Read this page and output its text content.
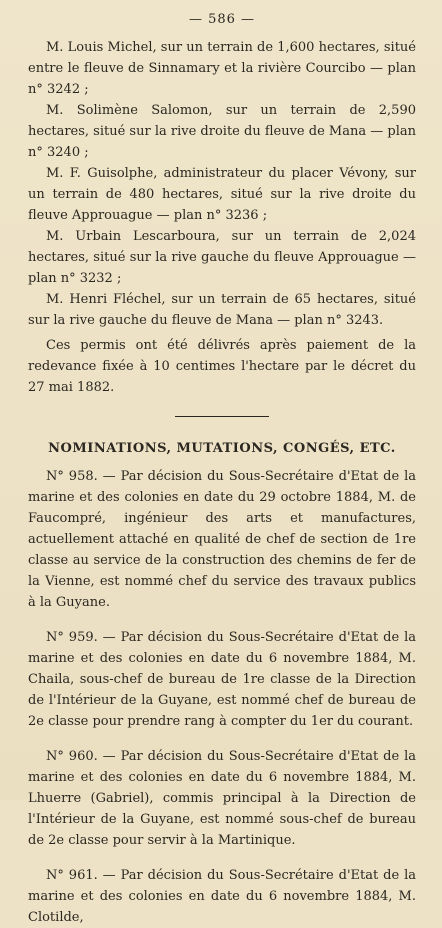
— 586 —

M. Louis Michel, sur un terrain de 1,600 hectares, situé entre le fleuve de Sinnamary et la rivière Courcibo — plan n° 3242 ;

M. Solimène Salomon, sur un terrain de 2,590 hectares, situé sur la rive droite du fleuve de Mana — plan n° 3240 ;

M. F. Guisolphe, administrateur du placer Vévony, sur un terrain de 480 hectares, situé sur la rive droite du fleuve Approuague — plan n° 3236 ;

M. Urbain Lescarboura, sur un terrain de 2,024 hectares, situé sur la rive gauche du fleuve Approuague — plan n° 3232 ;

M. Henri Fléchel, sur un terrain de 65 hectares, situé sur la rive gauche du fleuve de Mana — plan n° 3243.

Ces permis ont été délivrés après paiement de la redevance fixée à 10 centimes l'hectare par le décret du 27 mai 1882.

NOMINATIONS, MUTATIONS, CONGÉS, ETC.

N° 958. — Par décision du Sous-Secrétaire d'Etat de la marine et des colonies en date du 29 octobre 1884, M. de Faucompré, ingénieur des arts et manufactures, actuellement attaché en qualité de chef de section de 1re classe au service de la construction des chemins de fer de la Vienne, est nommé chef du service des travaux publics à la Guyane.

N° 959. — Par décision du Sous-Secrétaire d'Etat de la marine et des colonies en date du 6 novembre 1884, M. Chaila, sous-chef de bureau de 1re classe de la Direction de l'Intérieur de la Guyane, est nommé chef de bureau de 2e classe pour prendre rang à compter du 1er du courant.

N° 960. — Par décision du Sous-Secrétaire d'Etat de la marine et des colonies en date du 6 novembre 1884, M. Lhuerre (Gabriel), commis principal à la Direction de l'Intérieur de la Guyane, est nommé sous-chef de bureau de 2e classe pour servir à la Martinique.

N° 961. — Par décision du Sous-Secrétaire d'Etat de la marine et des colonies en date du 6 novembre 1884, M. Clotilde,
